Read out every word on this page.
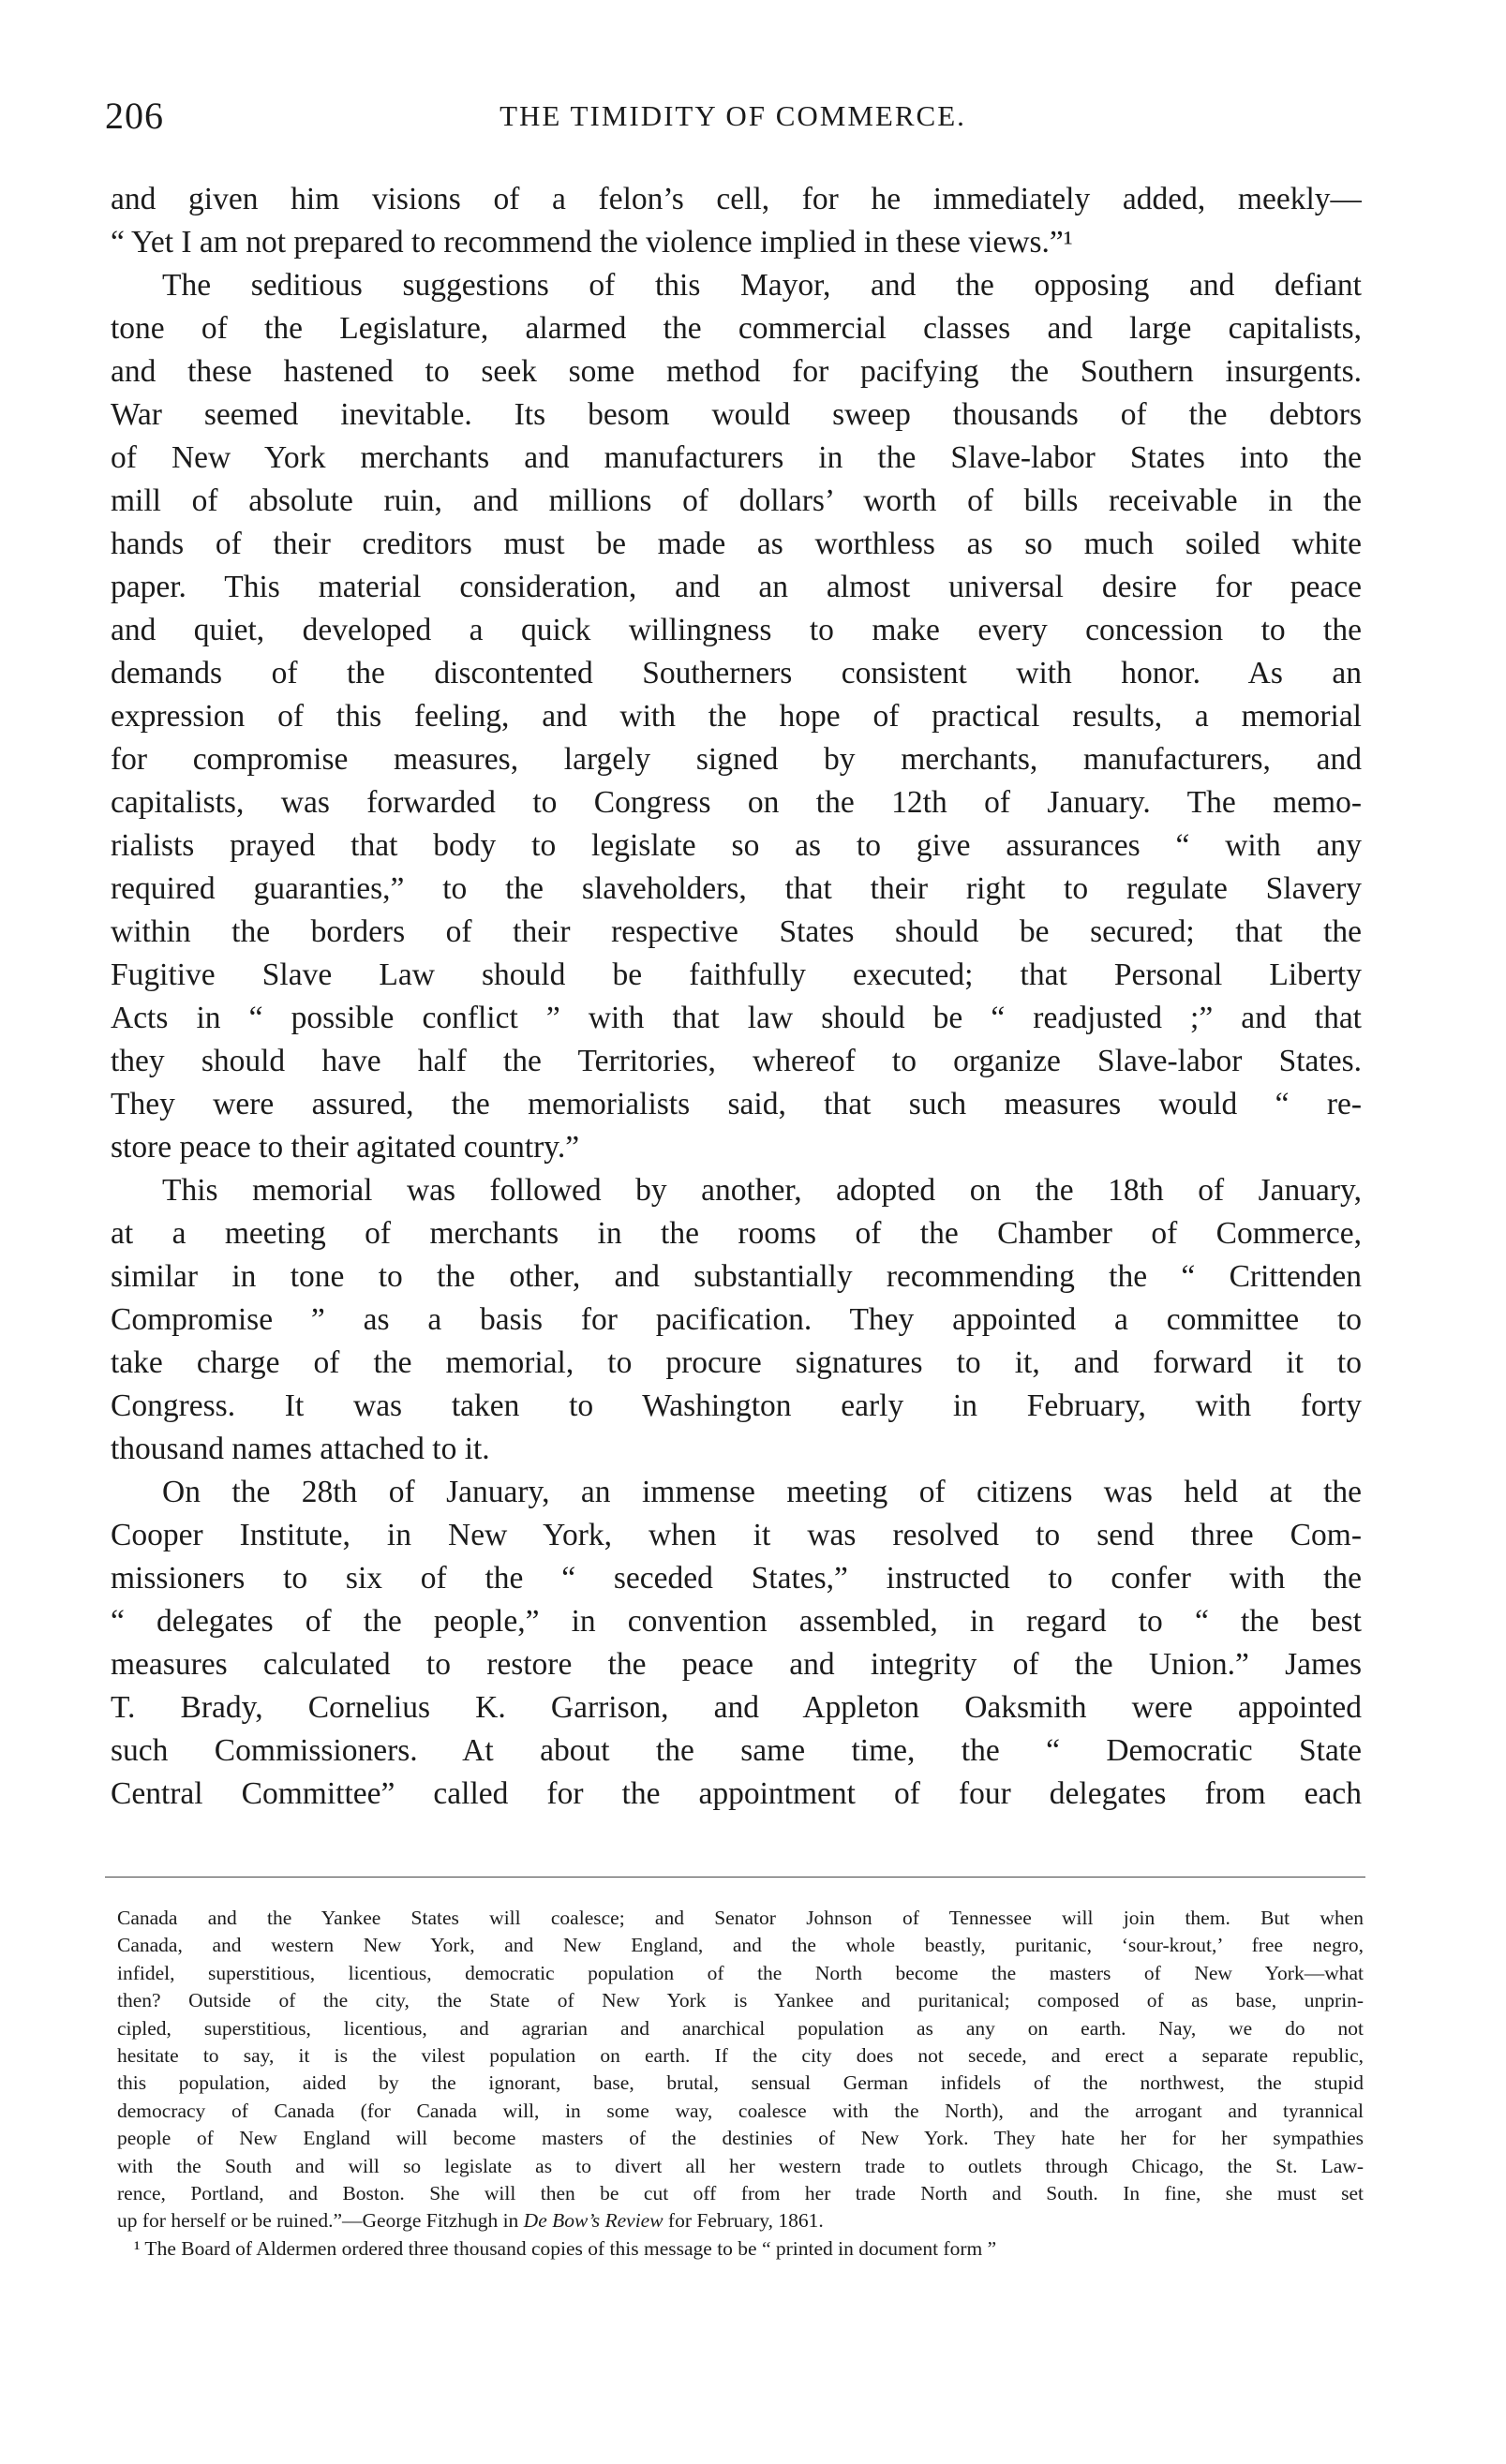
206	THE TIMIDITY OF COMMERCE.
and given him visions of a felon’s cell, for he immediately added, meekly—
“ Yet I am not prepared to recommend the violence implied in these views.”¹
The seditious suggestions of this Mayor, and the opposing and defiant
tone of the Legislature, alarmed the commercial classes and large capitalists,
and these hastened to seek some method for pacifying the Southern insurgents.
War seemed inevitable. Its besom would sweep thousands of the debtors
of New York merchants and manufacturers in the Slave-labor States into the
mill of absolute ruin, and millions of dollars’ worth of bills receivable in the
hands of their creditors must be made as worthless as so much soiled white
paper. This material consideration, and an almost universal desire for peace
and quiet, developed a quick willingness to make every concession to the
demands of the discontented Southerners consistent with honor. As an
expression of this feeling, and with the hope of practical results, a memorial
for compromise measures, largely signed by merchants, manufacturers, and
capitalists, was forwarded to Congress on the 12th of January. The memo-
rialists prayed that body to legislate so as to give assurances “ with any
required guaranties,” to the slaveholders, that their right to regulate Slavery
within the borders of their respective States should be secured; that the
Fugitive Slave Law should be faithfully executed; that Personal Liberty
Acts in “ possible conflict ” with that law should be “ readjusted ;” and that
they should have half the Territories, whereof to organize Slave-labor States.
They were assured, the memorialists said, that such measures would “ re-
store peace to their agitated country.”
This memorial was followed by another, adopted on the 18th of January,
at a meeting of merchants in the rooms of the Chamber of Commerce,
similar in tone to the other, and substantially recommending the “ Crittenden
Compromise ” as a basis for pacification. They appointed a committee to
take charge of the memorial, to procure signatures to it, and forward it to
Congress. It was taken to Washington early in February, with forty
thousand names attached to it.
On the 28th of January, an immense meeting of citizens was held at the
Cooper Institute, in New York, when it was resolved to send three Com-
missioners to six of the “ seceded States,” instructed to confer with the
“ delegates of the people,” in convention assembled, in regard to “ the best
measures calculated to restore the peace and integrity of the Union.” James
T. Brady, Cornelius K. Garrison, and Appleton Oaksmith were appointed
such Commissioners. At about the same time, the “ Democratic State
Central Committee” called for the appointment of four delegates from each
Canada and the Yankee States will coalesce; and Senator Johnson of Tennessee will join them. But when
Canada, and western New York, and New England, and the whole beastly, puritanic, ‘sour-krout,’ free negro,
infidel, superstitious, licentious, democratic population of the North become the masters of New York—what
then? Outside of the city, the State of New York is Yankee and puritanical; composed of as base, unprin-
cipled, superstitious, licentious, and agrarian and anarchical population as any on earth. Nay, we do not
hesitate to say, it is the vilest population on earth. If the city does not secede, and erect a separate republic,
this population, aided by the ignorant, base, brutal, sensual German infidels of the northwest, the stupid
democracy of Canada (for Canada will, in some way, coalesce with the North), and the arrogant and tyrannical
people of New England will become masters of the destinies of New York. They hate her for her sympathies
with the South and will so legislate as to divert all her western trade to outlets through Chicago, the St. Law-
rence, Portland, and Boston. She will then be cut off from her trade North and South. In fine, she must set
up for herself or be ruined.”—George Fitzhugh in De Bow’s Review for February, 1861.
¹ The Board of Aldermen ordered three thousand copies of this message to be “ printed in document form ”
